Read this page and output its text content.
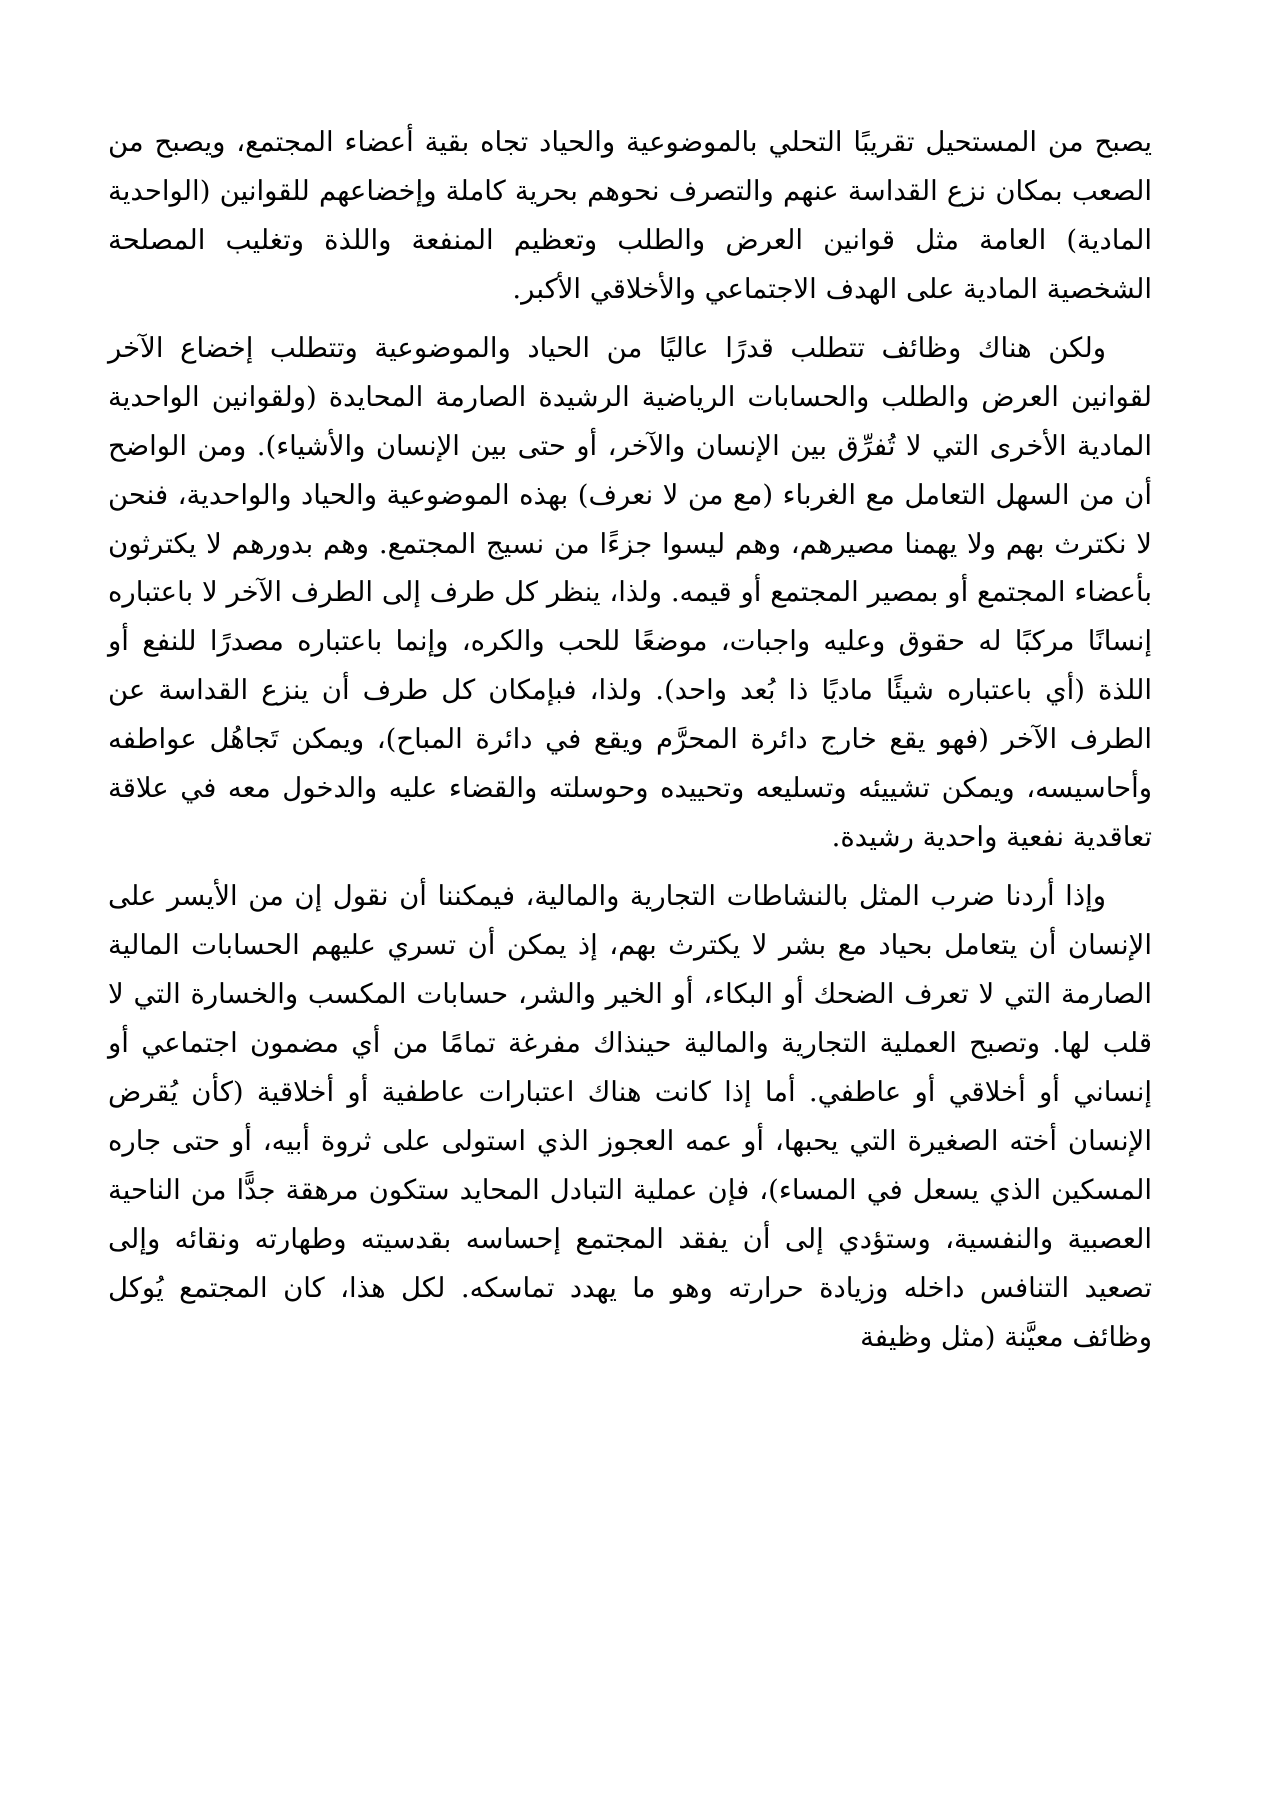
يصبح من المستحيل تقريبًا التحلي بالموضوعية والحياد تجاه بقية أعضاء المجتمع، ويصبح من الصعب بمكان نزع القداسة عنهم والتصرف نحوهم بحرية كاملة وإخضاعهم للقوانين (الواحدية المادية) العامة مثل قوانين العرض والطلب وتعظيم المنفعة واللذة وتغليب المصلحة الشخصية المادية على الهدف الاجتماعي والأخلاقي الأكبر.

ولكن هناك وظائف تتطلب قدرًا عاليًا من الحياد والموضوعية وتتطلب إخضاع الآخر لقوانين العرض والطلب والحسابات الرياضية الرشيدة الصارمة المحايدة (ولقوانين الواحدية المادية الأخرى التي لا تُفرِّق بين الإنسان والآخر، أو حتى بين الإنسان والأشياء). ومن الواضح أن من السهل التعامل مع الغرباء (مع من لا نعرف) بهذه الموضوعية والحياد والواحدية، فنحن لا نكترث بهم ولا يهمنا مصيرهم، وهم ليسوا جزءًا من نسيج المجتمع. وهم بدورهم لا يكترثون بأعضاء المجتمع أو بمصير المجتمع أو قيمه. ولذا، ينظر كل طرف إلى الطرف الآخر لا باعتباره إنسانًا مركبًا له حقوق وعليه واجبات، موضعًا للحب والكره، وإنما باعتباره مصدرًا للنفع أو اللذة (أي باعتباره شيئًا ماديًا ذا بُعد واحد). ولذا، فبإمكان كل طرف أن ينزع القداسة عن الطرف الآخر (فهو يقع خارج دائرة المحرَّم ويقع في دائرة المباح)، ويمكن تَجاهُل عواطفه وأحاسيسه، ويمكن تشييئه وتسليعه وتحييده وحوسلته والقضاء عليه والدخول معه في علاقة تعاقدية نفعية واحدية رشيدة.

وإذا أردنا ضرب المثل بالنشاطات التجارية والمالية، فيمكننا أن نقول إن من الأيسر على الإنسان أن يتعامل بحياد مع بشر لا يكترث بهم، إذ يمكن أن تسري عليهم الحسابات المالية الصارمة التي لا تعرف الضحك أو البكاء، أو الخير والشر، حسابات المكسب والخسارة التي لا قلب لها. وتصبح العملية التجارية والمالية حينذاك مفرغة تمامًا من أي مضمون اجتماعي أو إنساني أو أخلاقي أو عاطفي. أما إذا كانت هناك اعتبارات عاطفية أو أخلاقية (كأن يُقرض الإنسان أخته الصغيرة التي يحبها، أو عمه العجوز الذي استولى على ثروة أبيه، أو حتى جاره المسكين الذي يسعل في المساء)، فإن عملية التبادل المحايد ستكون مرهقة جدًّا من الناحية العصبية والنفسية، وستؤدي إلى أن يفقد المجتمع إحساسه بقدسيته وطهارته ونقائه وإلى تصعيد التنافس داخله وزيادة حرارته وهو ما يهدد تماسكه. لكل هذا، كان المجتمع يُوكل وظائف معيَّنة (مثل وظيفة
